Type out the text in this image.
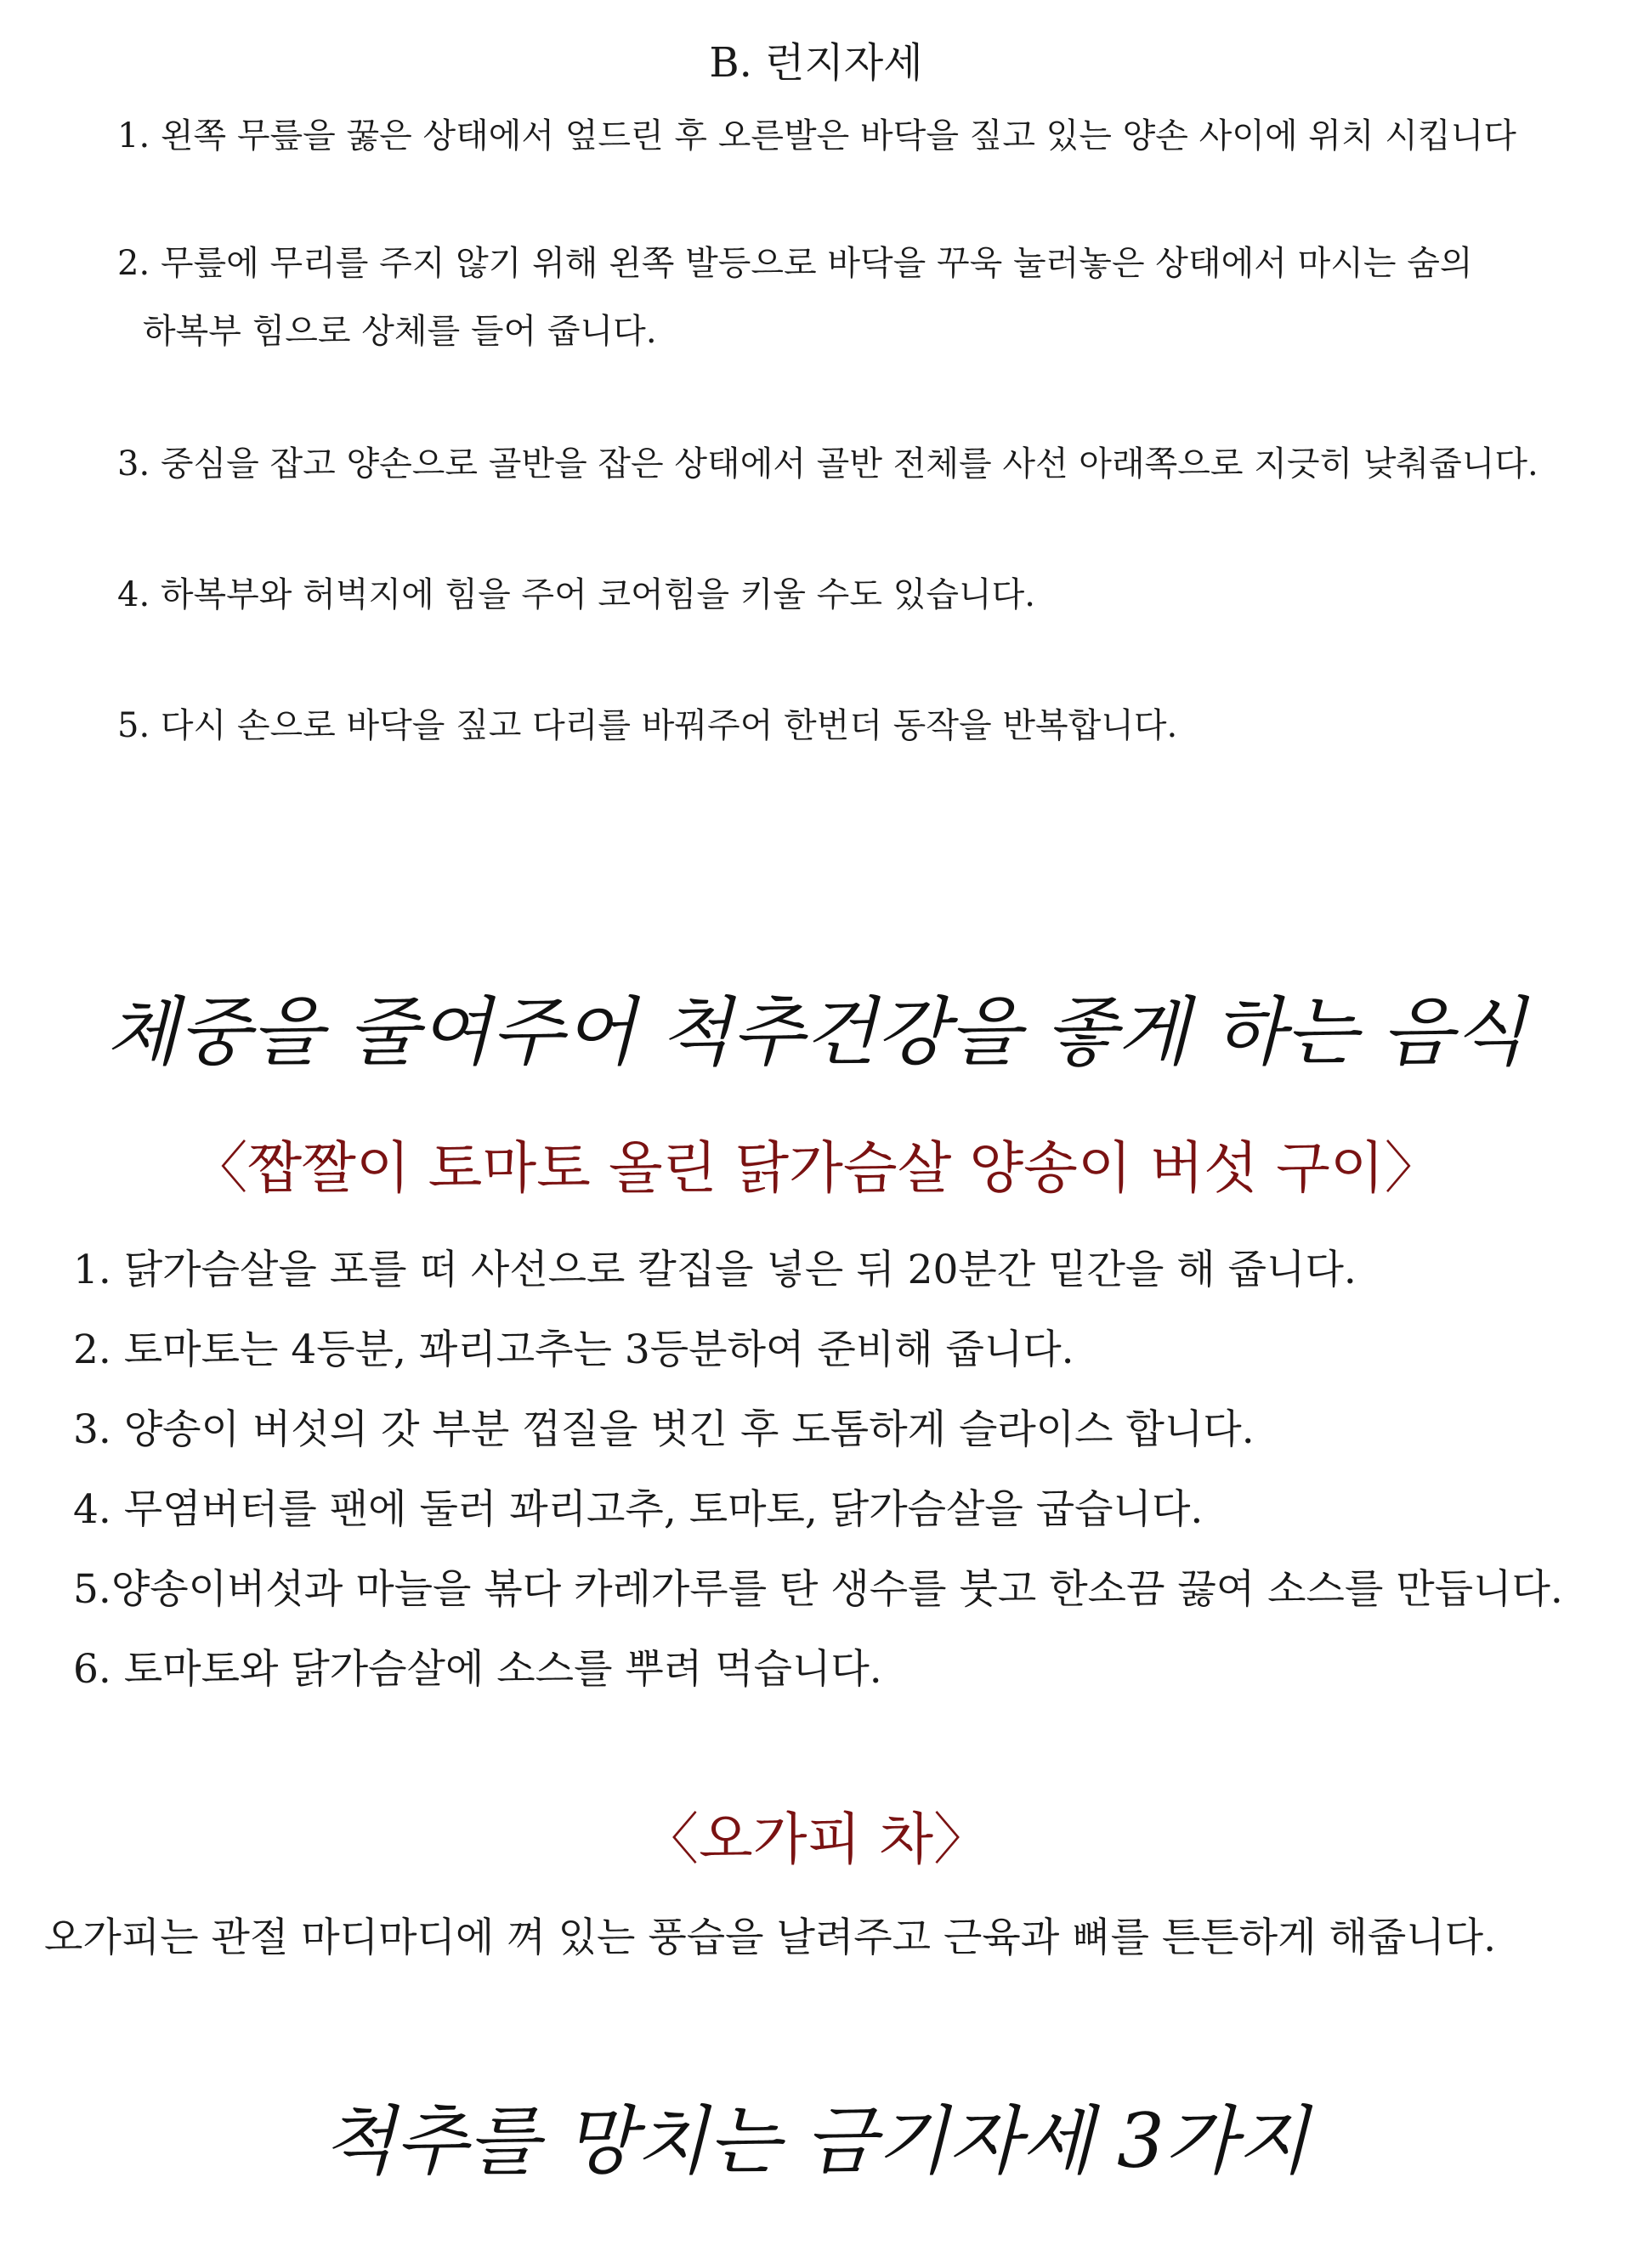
B. 런지자세
1. 왼쪽 무릎을 꿇은 상태에서 엎드린 후 오른발은 바닥을 짚고 있는 양손 사이에 위치 시킵니다
2. 무릎에 무리를 주지 않기 위해 왼쪽 발등으로 바닥을 꾸욱 눌러놓은 상태에서 마시는 숨의
하복부 힘으로 상체를 들어 줍니다.
3. 중심을 잡고 양손으로 골반을 잡은 상태에서 골반 전체를 사선 아래쪽으로 지긋히 낮춰줍니다.
4. 하복부와 허벅지에 힘을 주어 코어힘을 키울 수도 있습니다.
5. 다시 손으로 바닥을 짚고 다리를 바꿔주어 한번더 동작을 반복합니다.
체중을 줄여주어 척추건강을 좋게 하는 음식
〈짭짤이 토마토 올린 닭가슴살 양송이 버섯 구이〉
1. 닭가슴살을 포를 떠 사선으로 칼집을 넣은 뒤 20분간 밑간을 해 줍니다.
2. 토마토는 4등분, 꽈리고추는 3등분하여 준비해 줍니다.
3. 양송이 버섯의 갓 부분 껍질을 벗긴 후 도톰하게 슬라이스 합니다.
4. 무염버터를 팬에 둘러 꽈리고추, 토마토, 닭가슴살을 굽습니다.
5.양송이버섯과 마늘을 볶다 카레가루를 탄 생수를 붓고 한소끔 끓여 소스를 만듭니다.
6. 토마토와 닭가슴살에 소스를 뿌려 먹습니다.
〈오가피 차〉
오가피는 관절 마디마디에 껴 있는 풍습을 날려주고 근육과 뼈를 튼튼하게 해줍니다.
척추를 망치는 금기자세 3가지
